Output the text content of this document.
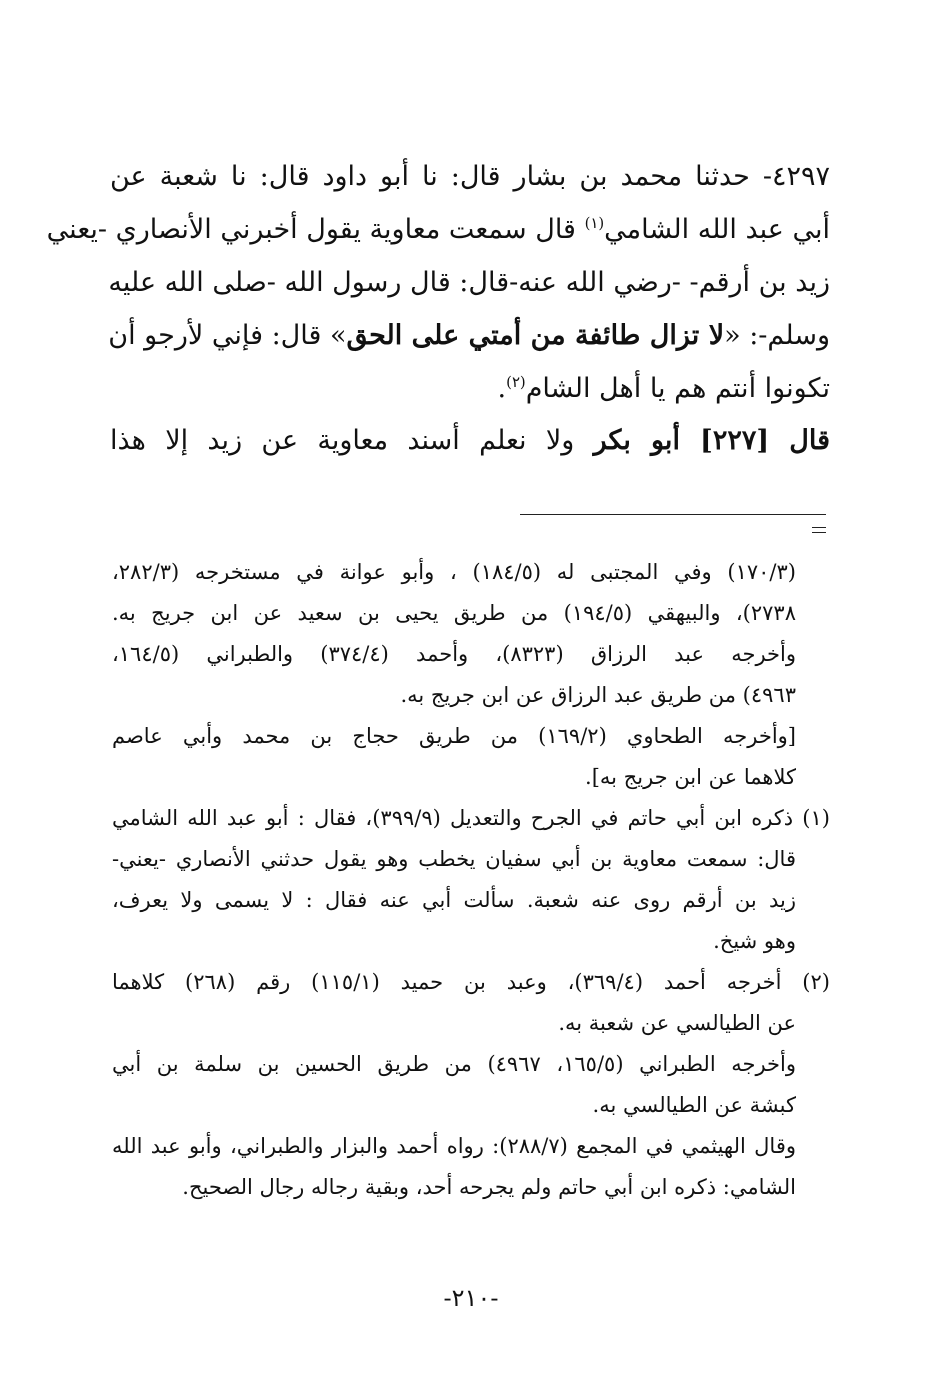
٤٢٩٧- حدثنا محمد بن بشار قال: نا أبو داود قال: نا شعبة عن
أبي عبد الله الشامي$^{(١)}$ قال سمعت معاوية يقول أخبرني الأنصاري -يعني
زيد بن أرقم- -رضي الله عنه-قال: قال رسول الله -صلى الله عليه
وسلم-: «لا تزال طائفة من أمتي على الحق» قال: فإني لأرجو أن
تكونوا أنتم هم يا أهل الشام$^{(٢)}$.
قال [٢٢٧] أبو بكر ولا نعلم أسند معاوية عن زيد إلا هذا
(١٧٠/٣) وفي المجتبى له (١٨٤/٥) ، وأبو عوانة في مستخرجه (٢٨٢/٣،
٢٧٣٨)، والبيهقي (١٩٤/٥) من طريق يحيى بن سعيد عن ابن جريج به.
وأخرجه عبد الرزاق (٨٣٢٣)، وأحمد (٣٧٤/٤) والطبراني (١٦٤/٥،
٤٩٦٣) من طريق عبد الرزاق عن ابن جريج به.
[وأخرجه الطحاوي (١٦٩/٢) من طريق حجاج بن محمد وأبي عاصم
كلاهما عن ابن جريج به].
(١) ذكره ابن أبي حاتم في الجرح والتعديل (٣٩٩/٩)، فقال : أبو عبد الله الشامي
قال: سمعت معاوية بن أبي سفيان يخطب وهو يقول حدثني الأنصاري -يعني-
زيد بن أرقم روى عنه شعبة. سألت أبي عنه فقال : لا يسمى ولا يعرف،
وهو شيخ.
(٢) أخرجه أحمد (٣٦٩/٤)، وعبد بن حميد (١١٥/١) رقم (٢٦٨) كلاهما
عن الطيالسي عن شعبة به.
وأخرجه الطبراني (١٦٥/٥، ٤٩٦٧) من طريق الحسين بن سلمة بن أبي
كبشة عن الطيالسي به.
وقال الهيثمي في المجمع (٢٨٨/٧): رواه أحمد والبزار والطبراني، وأبو عبد الله
الشامي: ذكره ابن أبي حاتم ولم يجرحه أحد، وبقية رجاله رجال الصحيح.
-٢١٠-
